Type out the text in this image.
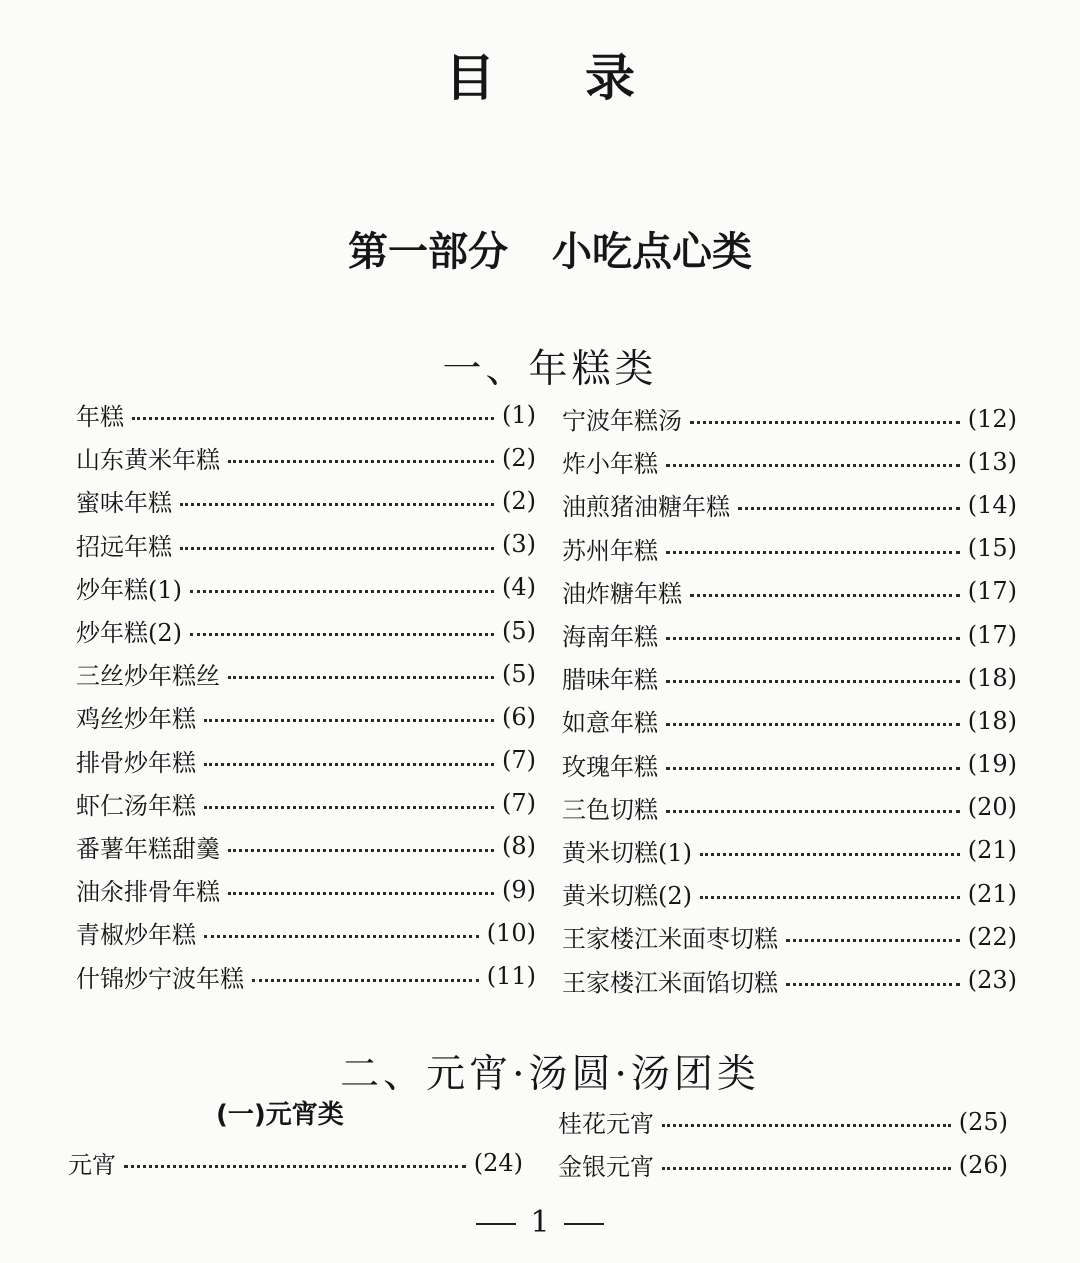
目录
第一部分 小吃点心类
一、年糕类
年糕	(1)
山东黄米年糕	(2)
蜜味年糕	(2)
招远年糕	(3)
炒年糕(1)	(4)
炒年糕(2)	(5)
三丝炒年糕丝	(5)
鸡丝炒年糕	(6)
排骨炒年糕	(7)
虾仁汤年糕	(7)
番薯年糕甜羹	(8)
油氽排骨年糕	(9)
青椒炒年糕	(10)
什锦炒宁波年糕	(11)
宁波年糕汤	(12)
炸小年糕	(13)
油煎猪油糖年糕	(14)
苏州年糕	(15)
油炸糖年糕	(17)
海南年糕	(17)
腊味年糕	(18)
如意年糕	(18)
玫瑰年糕	(19)
三色切糕	(20)
黄米切糕(1)	(21)
黄米切糕(2)	(21)
王家楼江米面枣切糕	(22)
王家楼江米面馅切糕	(23)
二、元宵·汤圆·汤团类
(一)元宵类
元宵	(24)
桂花元宵	(25)
金银元宵	(26)
1
